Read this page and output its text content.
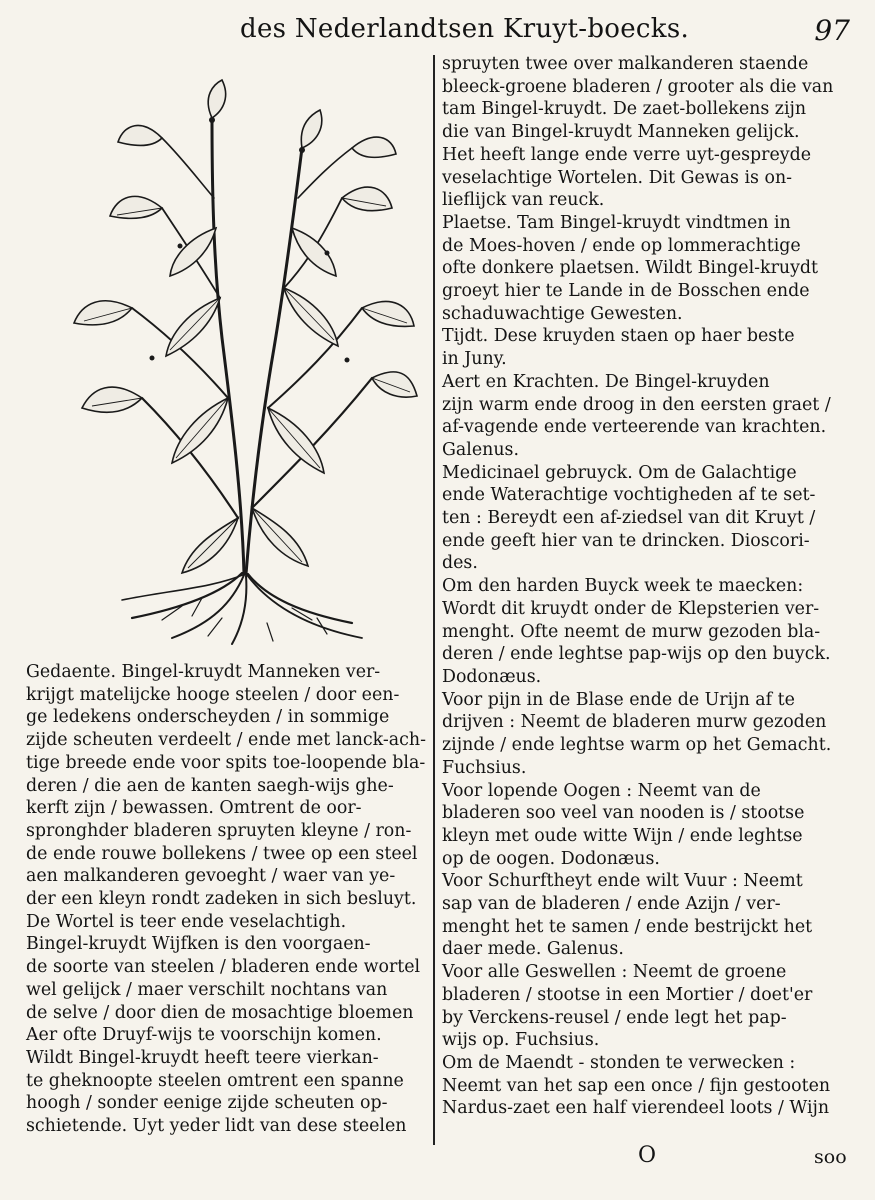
des Nederlandtsen Kruyt-boecks.	97

Gedaente. Bingel-kruydt Manneken ver-

krijgt matelijcke hooge steelen / door een-

ge ledekens onderscheyden / in sommige

zijde scheuten verdeelt / ende met lanck-ach-

tige breede ende voor spits toe-loopende bla-

deren / die aen de kanten saegh-wijs ghe-

kerft zijn / bewassen. Omtrent de oor-

spronghder bladeren spruyten kleyne / ron-

de ende rouwe bollekens / twee op een steel

aen malkanderen gevoeght / waer van ye-

der een kleyn rondt zadeken in sich besluyt.

De Wortel is teer ende veselachtigh.

Bingel-kruydt Wijfken is den voorgaen-

de soorte van steelen / bladeren ende wortel

wel gelijck / maer verschilt nochtans van

de selve / door dien de mosachtige bloemen

Aer ofte Druyf-wijs te voorschijn komen.

Wildt Bingel-kruydt heeft teere vierkan-

te gheknoopte steelen omtrent een spanne

hoogh / sonder eenige zijde scheuten op-

schietende. Uyt yeder lidt van dese steelen

spruyten twee over malkanderen staende

bleeck-groene bladeren / grooter als die van

tam Bingel-kruydt. De zaet-bollekens zijn

die van Bingel-kruydt Manneken gelijck.

Het heeft lange ende verre uyt-gespreyde

veselachtige Wortelen. Dit Gewas is on-

lieflijck van reuck.

Plaetse. Tam Bingel-kruydt vindtmen in

de Moes-hoven / ende op lommerachtige

ofte donkere plaetsen. Wildt Bingel-kruydt

groeyt hier te Lande in de Bosschen ende

schaduwachtige Gewesten.

Tijdt. Dese kruyden staen op haer beste

in Juny.

Aert en Krachten. De Bingel-kruyden

zijn warm ende droog in den eersten graet /

af-vagende ende verteerende van krachten.

Galenus.

Medicinael gebruyck. Om de Galachtige

ende Waterachtige vochtigheden af te set-

ten : Bereydt een af-ziedsel van dit Kruyt /

ende geeft hier van te drincken. Dioscori-

des.

Om den harden Buyck week te maecken:

Wordt dit kruydt onder de Klepsterien ver-

menght. Ofte neemt de murw gezoden bla-

deren / ende leghtse pap-wijs op den buyck.

Dodonæus.

Voor pijn in de Blase ende de Urijn af te

drijven : Neemt de bladeren murw gezoden

zijnde / ende leghtse warm op het Gemacht.

Fuchsius.

Voor lopende Oogen : Neemt van de

bladeren soo veel van nooden is / stootse

kleyn met oude witte Wijn / ende leghtse

op de oogen. Dodonæus.

Voor Schurftheyt ende wilt Vuur : Neemt

sap van de bladeren / ende Azijn / ver-

menght het te samen / ende bestrijckt het

daer mede. Galenus.

Voor alle Geswellen : Neemt de groene

bladeren / stootse in een Mortier / doet'er

by Verckens-reusel / ende legt het pap-

wijs op. Fuchsius.

Om de Maendt - stonden te verwecken :

Neemt van het sap een once / fijn gestooten

Nardus-zaet een half vierendeel loots / Wijn

O	soo
